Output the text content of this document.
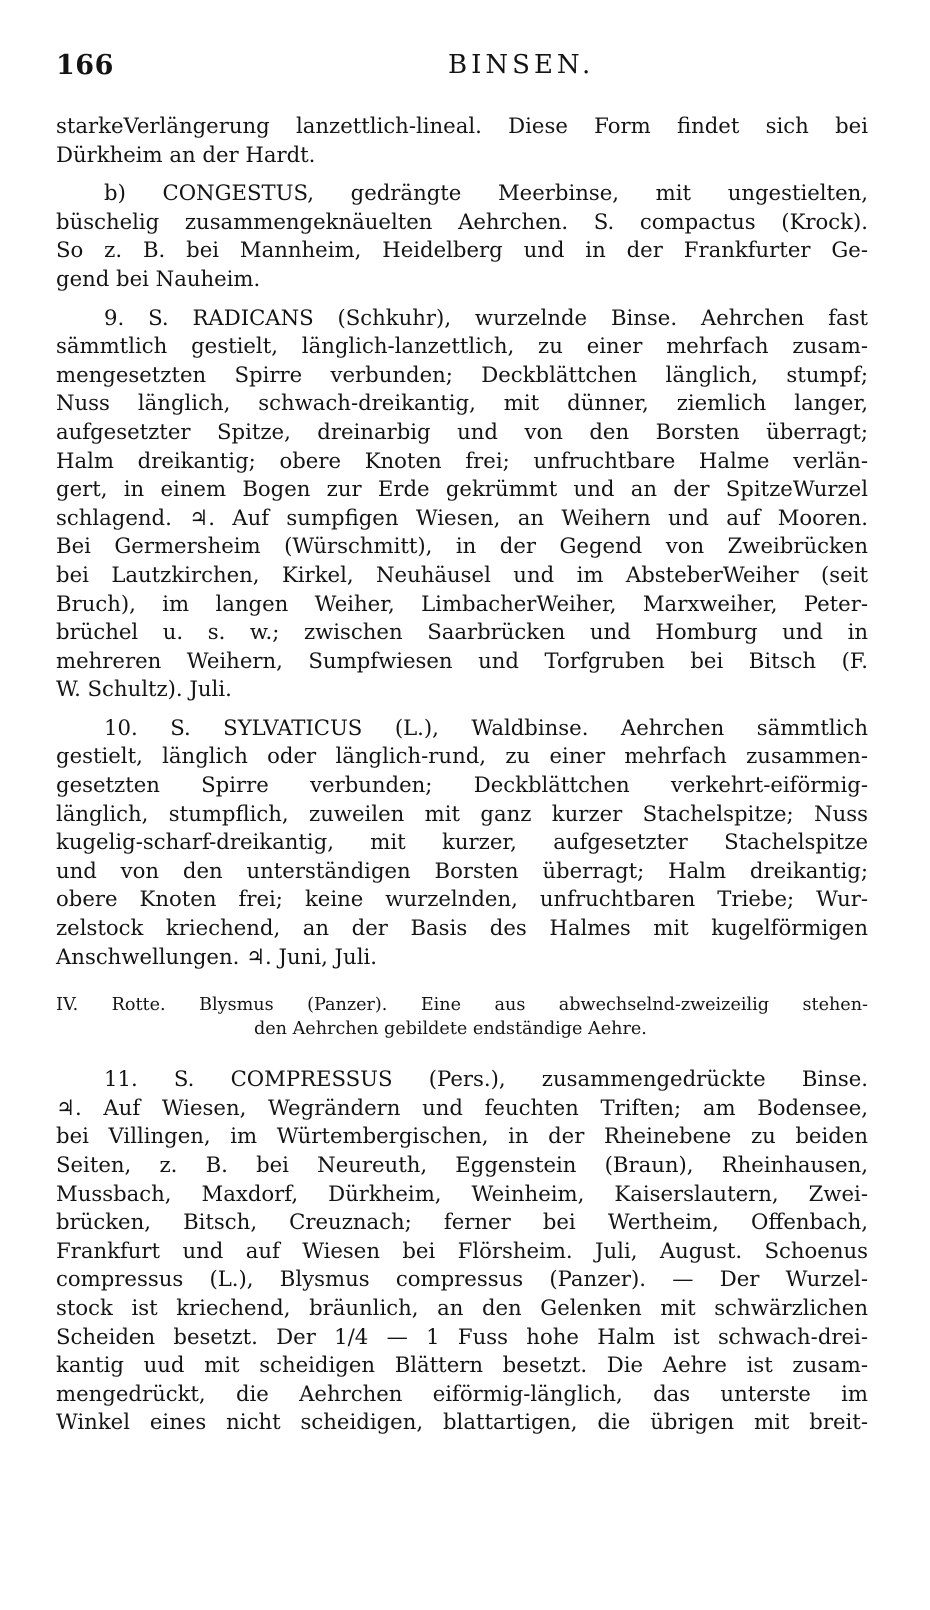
166	BINSEN.
starkeVerlängerung lanzettlich-lineal. Diese Form findet sich bei
Dürkheim an der Hardt.
b) CONGESTUS, gedrängte Meerbinse, mit ungestielten,
büschelig zusammengeknäuelten Aehrchen. S. compactus (Krock).
So z. B. bei Mannheim, Heidelberg und in der Frankfurter Ge-
gend bei Nauheim.
9. S. RADICANS (Schkuhr), wurzelnde Binse. Aehrchen fast
sämmtlich gestielt, länglich-lanzettlich, zu einer mehrfach zusam-
mengesetzten Spirre verbunden; Deckblättchen länglich, stumpf;
Nuss länglich, schwach-dreikantig, mit dünner, ziemlich langer,
aufgesetzter Spitze, dreinarbig und von den Borsten überragt;
Halm dreikantig; obere Knoten frei; unfruchtbare Halme verlän-
gert, in einem Bogen zur Erde gekrümmt und an der SpitzeWurzel
schlagend. ♃. Auf sumpfigen Wiesen, an Weihern und auf Mooren.
Bei Germersheim (Würschmitt), in der Gegend von Zweibrücken
bei Lautzkirchen, Kirkel, Neuhäusel und im AbsteberWeiher (seit
Bruch), im langen Weiher, LimbacherWeiher, Marxweiher, Peter-
brüchel u. s. w.; zwischen Saarbrücken und Homburg und in
mehreren Weihern, Sumpfwiesen und Torfgruben bei Bitsch (F.
W. Schultz). Juli.
10. S. SYLVATICUS (L.), Waldbinse. Aehrchen sämmtlich
gestielt, länglich oder länglich-rund, zu einer mehrfach zusammen-
gesetzten Spirre verbunden; Deckblättchen verkehrt-eiförmig-
länglich, stumpflich, zuweilen mit ganz kurzer Stachelspitze; Nuss
kugelig-scharf-dreikantig, mit kurzer, aufgesetzter Stachelspitze
und von den unterständigen Borsten überragt; Halm dreikantig;
obere Knoten frei; keine wurzelnden, unfruchtbaren Triebe; Wur-
zelstock kriechend, an der Basis des Halmes mit kugelförmigen
Anschwellungen. ♃. Juni, Juli.
IV. Rotte. Blysmus (Panzer). Eine aus abwechselnd-zweizeilig stehen-
den Aehrchen gebildete endständige Aehre.
11. S. COMPRESSUS (Pers.), zusammengedrückte Binse.
♃. Auf Wiesen, Wegrändern und feuchten Triften; am Bodensee,
bei Villingen, im Würtembergischen, in der Rheinebene zu beiden
Seiten, z. B. bei Neureuth, Eggenstein (Braun), Rheinhausen,
Mussbach, Maxdorf, Dürkheim, Weinheim, Kaiserslautern, Zwei-
brücken, Bitsch, Creuznach; ferner bei Wertheim, Offenbach,
Frankfurt und auf Wiesen bei Flörsheim. Juli, August. Schoenus
compressus (L.), Blysmus compressus (Panzer). — Der Wurzel-
stock ist kriechend, bräunlich, an den Gelenken mit schwärzlichen
Scheiden besetzt. Der 1/4 — 1 Fuss hohe Halm ist schwach-drei-
kantig uud mit scheidigen Blättern besetzt. Die Aehre ist zusam-
mengedrückt, die Aehrchen eiförmig-länglich, das unterste im
Winkel eines nicht scheidigen, blattartigen, die übrigen mit breit-
